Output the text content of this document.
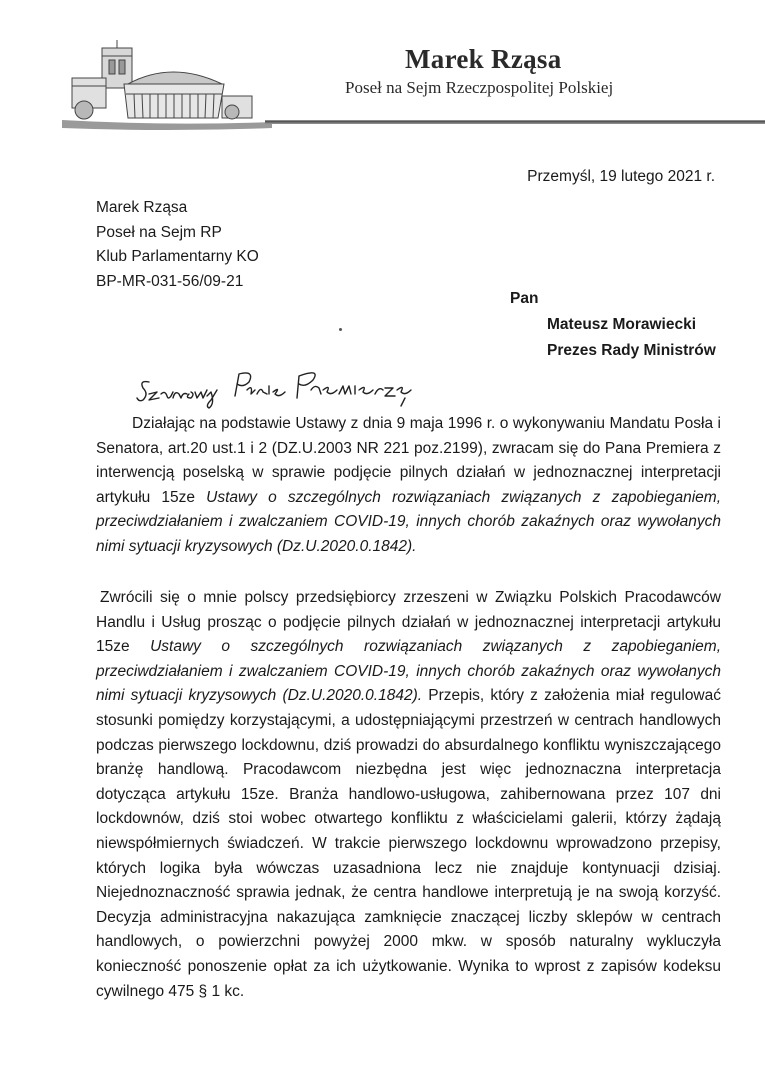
Marek Rząsa
Poseł na Sejm Rzeczpospolitej Polskiej
Przemyśl, 19 lutego 2021 r.
Marek Rząsa
Poseł na Sejm RP
Klub Parlamentarny KO
BP-MR-031-56/09-21
Pan
Mateusz Morawiecki
Prezes Rady Ministrów
Działając na podstawie Ustawy z dnia 9 maja 1996 r. o wykonywaniu Mandatu Posła i Senatora, art.20 ust.1 i 2 (DZ.U.2003 NR 221 poz.2199), zwracam się do Pana Premiera z interwencją poselską w sprawie podjęcie pilnych działań w jednoznacznej interpretacji artykułu 15ze Ustawy o szczególnych rozwiązaniach związanych z zapobieganiem, przeciwdziałaniem i zwalczaniem COVID-19, innych chorób zakaźnych oraz wywołanych nimi sytuacji kryzysowych (Dz.U.2020.0.1842).
Zwrócili się o mnie polscy przedsiębiorcy zrzeszeni w Związku Polskich Pracodawców Handlu i Usług prosząc o podjęcie pilnych działań w jednoznacznej interpretacji artykułu 15ze Ustawy o szczególnych rozwiązaniach związanych z zapobieganiem, przeciwdziałaniem i zwalczaniem COVID-19, innych chorób zakaźnych oraz wywołanych nimi sytuacji kryzysowych (Dz.U.2020.0.1842). Przepis, który z założenia miał regulować stosunki pomiędzy korzystającymi, a udostępniającymi przestrzeń w centrach handlowych podczas pierwszego lockdownu, dziś prowadzi do absurdalnego konfliktu wyniszczającego branżę handlową. Pracodawcom niezbędna jest więc jednoznaczna interpretacja dotycząca artykułu 15ze. Branża handlowo-usługowa, zahibernowana przez 107 dni lockdownów, dziś stoi wobec otwartego konfliktu z właścicielami galerii, którzy żądają niewspółmiernych świadczeń. W trakcie pierwszego lockdownu wprowadzono przepisy, których logika była wówczas uzasadniona lecz nie znajduje kontynuacji dzisiaj. Niejednoznaczność sprawia jednak, że centra handlowe interpretują je na swoją korzyść. Decyzja administracyjna nakazująca zamknięcie znaczącej liczby sklepów w centrach handlowych, o powierzchni powyżej 2000 mkw. w sposób naturalny wykluczyła konieczność ponoszenie opłat za ich użytkowanie. Wynika to wprost z zapisów kodeksu cywilnego 475 § 1 kc.
